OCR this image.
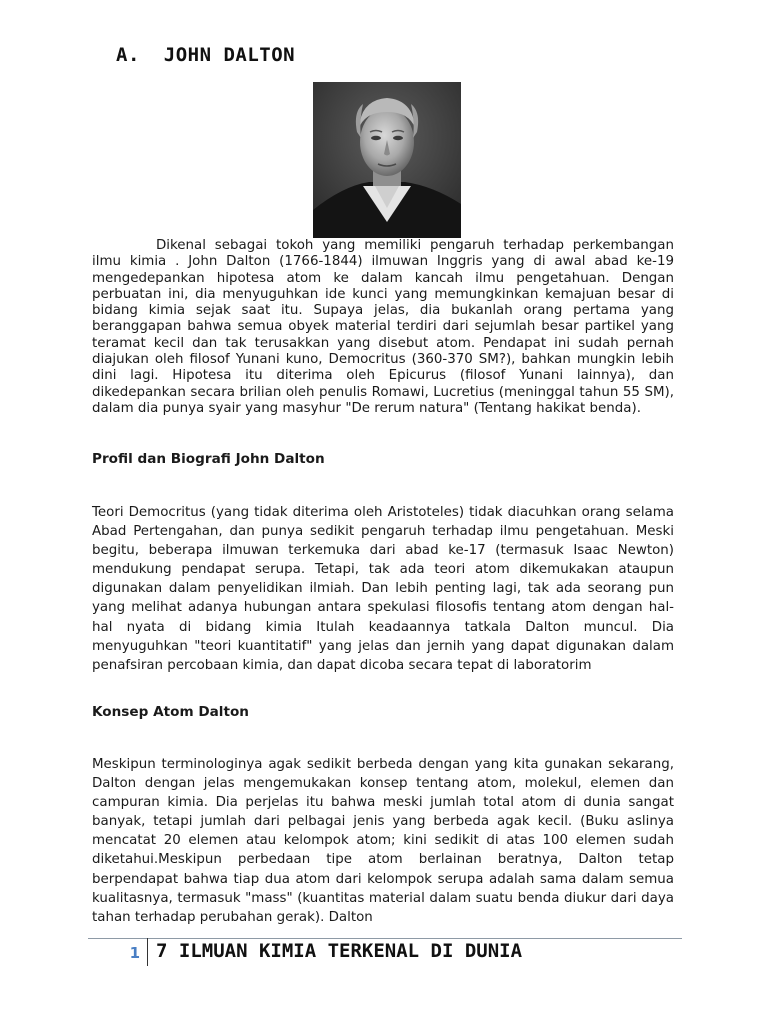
A.  JOHN DALTON

Dikenal sebagai tokoh yang memiliki pengaruh terhadap perkembangan ilmu kimia . John Dalton (1766-1844) ilmuwan Inggris yang di awal abad ke-19 mengedepankan hipotesa atom ke dalam kancah ilmu pengetahuan. Dengan perbuatan ini, dia menyuguhkan ide kunci yang memungkinkan kemajuan besar di bidang kimia sejak saat itu. Supaya jelas, dia bukanlah orang pertama yang beranggapan bahwa semua obyek material terdiri dari sejumlah besar partikel yang teramat kecil dan tak terusakkan yang disebut atom. Pendapat ini sudah pernah diajukan oleh filosof Yunani kuno, Democritus (360-370 SM?), bahkan mungkin lebih dini lagi. Hipotesa itu diterima oleh Epicurus (filosof Yunani lainnya), dan dikedepankan secara brilian oleh penulis Romawi, Lucretius (meninggal tahun 55 SM), dalam dia punya syair yang masyhur "De rerum natura" (Tentang hakikat benda).

Profil dan Biografi John Dalton

Teori Democritus (yang tidak diterima oleh Aristoteles) tidak diacuhkan orang selama Abad Pertengahan, dan punya sedikit pengaruh terhadap ilmu pengetahuan. Meski begitu, beberapa ilmuwan terkemuka dari abad ke-17 (termasuk Isaac Newton) mendukung pendapat serupa. Tetapi, tak ada teori atom dikemukakan ataupun digunakan dalam penyelidikan ilmiah. Dan lebih penting lagi, tak ada seorang pun yang melihat adanya hubungan antara spekulasi filosofis tentang atom dengan hal-hal nyata di bidang kimia Itulah keadaannya tatkala Dalton muncul. Dia menyuguhkan "teori kuantitatif" yang jelas dan jernih yang dapat digunakan dalam penafsiran percobaan kimia, dan dapat dicoba secara tepat di laboratorim

Konsep Atom Dalton

Meskipun terminologinya agak sedikit berbeda dengan yang kita gunakan sekarang, Dalton dengan jelas mengemukakan konsep tentang atom, molekul, elemen dan campuran kimia. Dia perjelas itu bahwa meski jumlah total atom di dunia sangat banyak, tetapi jumlah dari pelbagai jenis yang berbeda agak kecil. (Buku aslinya mencatat 20 elemen atau kelompok atom; kini sedikit di atas 100 elemen sudah diketahui.Meskipun perbedaan tipe atom berlainan beratnya, Dalton tetap berpendapat bahwa tiap dua atom dari kelompok serupa adalah sama dalam semua kualitasnya, termasuk "mass" (kuantitas material dalam suatu benda diukur dari daya tahan terhadap perubahan gerak). Dalton

1 7 ILMUAN KIMIA TERKENAL DI DUNIA
